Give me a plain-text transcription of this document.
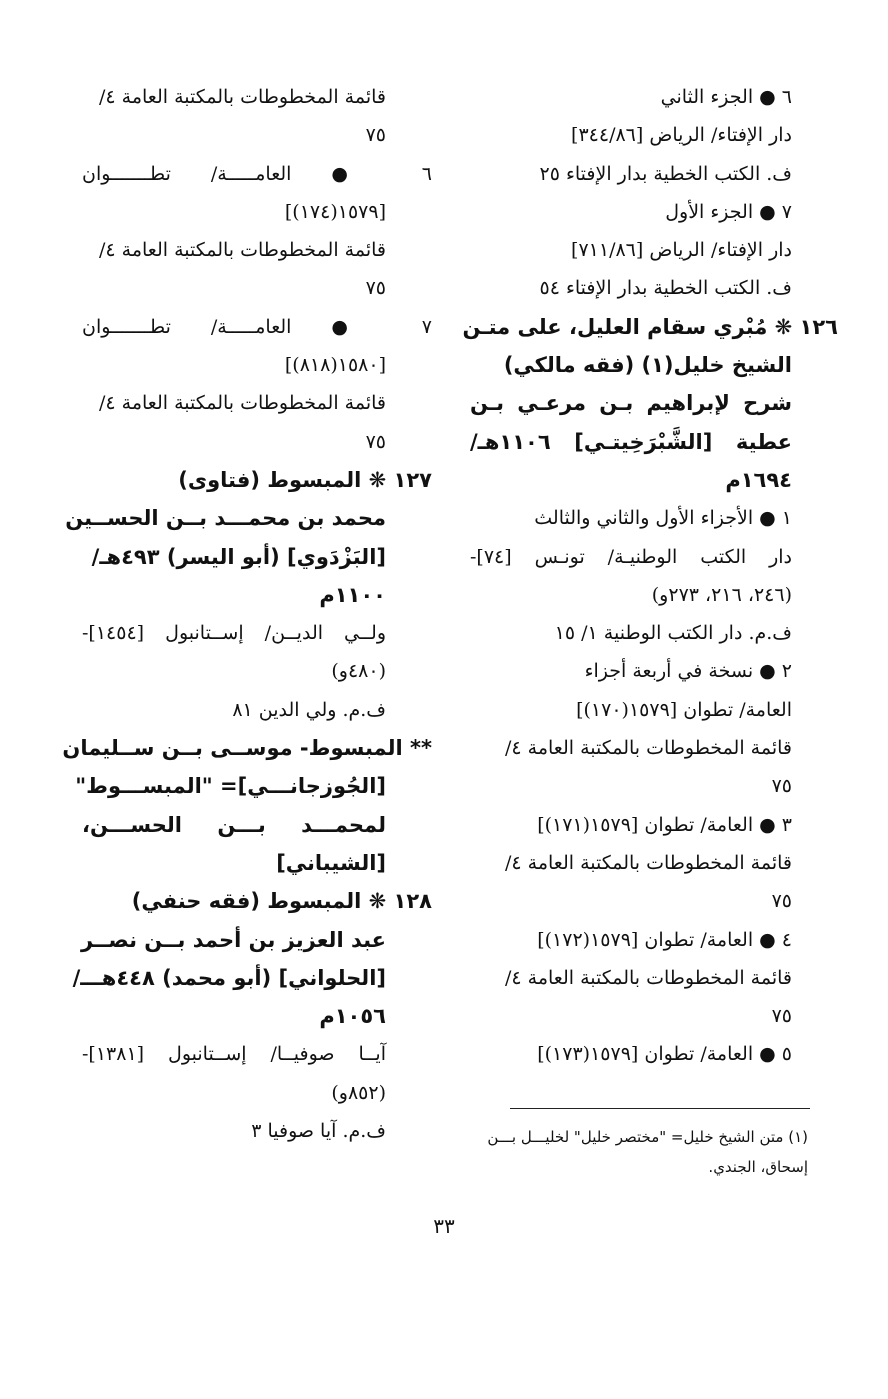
٦ ● الجزء الثاني
دار الإفتاء/ الرياض [٣٤٤/٨٦]
ف. الكتب الخطية بدار الإفتاء ٢٥
٧ ● الجزء الأول
دار الإفتاء/ الرياض [٧١١/٨٦]
ف. الكتب الخطية بدار الإفتاء ٥٤
١٢٦ ❋ مُبْري سقام العليل، على متـن
الشيخ خليل(١) (فقه مالكي)
شرح لإبراهيم بـن مرعـي بـن
عطية [الشَّبْرَخِيتـي] ١١٠٦هـ/
١٦٩٤م
١ ● الأجزاء الأول والثاني والثالث
دار الكتب الوطنيـة/ تونـس [٧٤]-
(٢٤٦، ٢١٦، ٢٧٣و)
ف.م. دار الكتب الوطنية ١/ ١٥
٢ ● نسخة في أربعة أجزاء
العامة/ تطوان [١٥٧٩(١٧٠)]
قائمة المخطوطات بالمكتبة العامة ٤/
٧٥
٣ ● العامة/ تطوان [١٥٧٩(١٧١)]
قائمة المخطوطات بالمكتبة العامة ٤/
٧٥
٤ ● العامة/ تطوان [١٥٧٩(١٧٢)]
قائمة المخطوطات بالمكتبة العامة ٤/
٧٥
٥ ● العامة/ تطوان [١٥٧٩(١٧٣)]
قائمة المخطوطات بالمكتبة العامة ٤/
٧٥
٦ ● العامـــــة/ تطـــــــوان
[١٥٧٩(١٧٤)]
قائمة المخطوطات بالمكتبة العامة ٤/
٧٥
٧ ● العامـــــة/ تطـــــــوان
[١٥٨٠(٨١٨)]
قائمة المخطوطات بالمكتبة العامة ٤/
٧٥
١٢٧ ❋ المبسوط (فتاوى)
محمد بن محمـــد بــن الحســين
[البَزْدَوي] (أبو اليسر) ٤٩٣هـ/
١١٠٠م
ولــي الديــن/ إســتانبول [١٤٥٤]-
(٤٨٠و)
ف.م. ولي الدين ٨١
** المبسوط- موســى بــن ســليمان
[الجُوزجانـــي]= "المبســـوط"
لمحمـــد بـــن الحســـن،
[الشيباني]
١٢٨ ❋ المبسوط (فقه حنفي)
عبد العزيز بن أحمد بــن نصــر
[الحلواني] (أبو محمد) ٤٤٨هـــ/
١٠٥٦م
آيــا صوفيــا/ إســتانبول [١٣٨١]-
(٨٥٢و)
ف.م. آيا صوفيا ٣	(١) متن الشيخ خليل= "مختصر خليل" لخليـــل بـــن
إسحاق، الجندي.
٣٣
